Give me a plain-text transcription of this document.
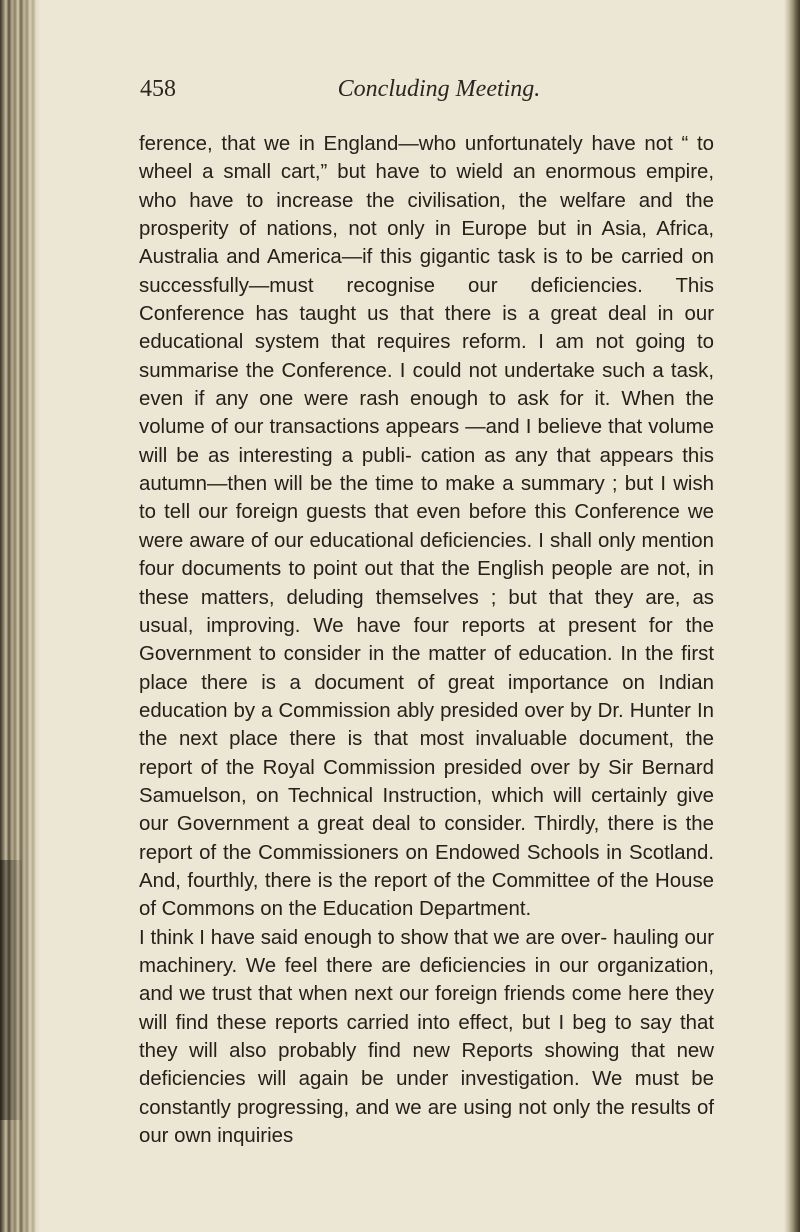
458	Concluding Meeting.

ference, that we in England—who unfortunately have not “ to wheel a small cart,” but have to wield an enormous empire, who have to increase the civilisation, the welfare and the prosperity of nations, not only in Europe but in Asia, Africa, Australia and America—if this gigantic task is to be carried on successfully—must recognise our deficiencies. This Conference has taught us that there is a great deal in our educational system that requires reform. I am not going to summarise the Conference. I could not undertake such a task, even if any one were rash enough to ask for it. When the volume of our transactions appears —and I believe that volume will be as interesting a publi- cation as any that appears this autumn—then will be the time to make a summary ; but I wish to tell our foreign guests that even before this Conference we were aware of our educational deficiencies. I shall only mention four documents to point out that the English people are not, in these matters, deluding themselves ; but that they are, as usual, improving. We have four reports at present for the Government to consider in the matter of education. In the first place there is a document of great importance on Indian education by a Commission ably presided over by Dr. Hunter In the next place there is that most invaluable document, the report of the Royal Commission presided over by Sir Bernard Samuelson, on Technical Instruction, which will certainly give our Government a great deal to consider. Thirdly, there is the report of the Commissioners on Endowed Schools in Scotland. And, fourthly, there is the report of the Committee of the House of Commons on the Education Department.

I think I have said enough to show that we are over- hauling our machinery. We feel there are deficiencies in our organization, and we trust that when next our foreign friends come here they will find these reports carried into effect, but I beg to say that they will also probably find new Reports showing that new deficiencies will again be under investigation. We must be constantly progressing, and we are using not only the results of our own inquiries
